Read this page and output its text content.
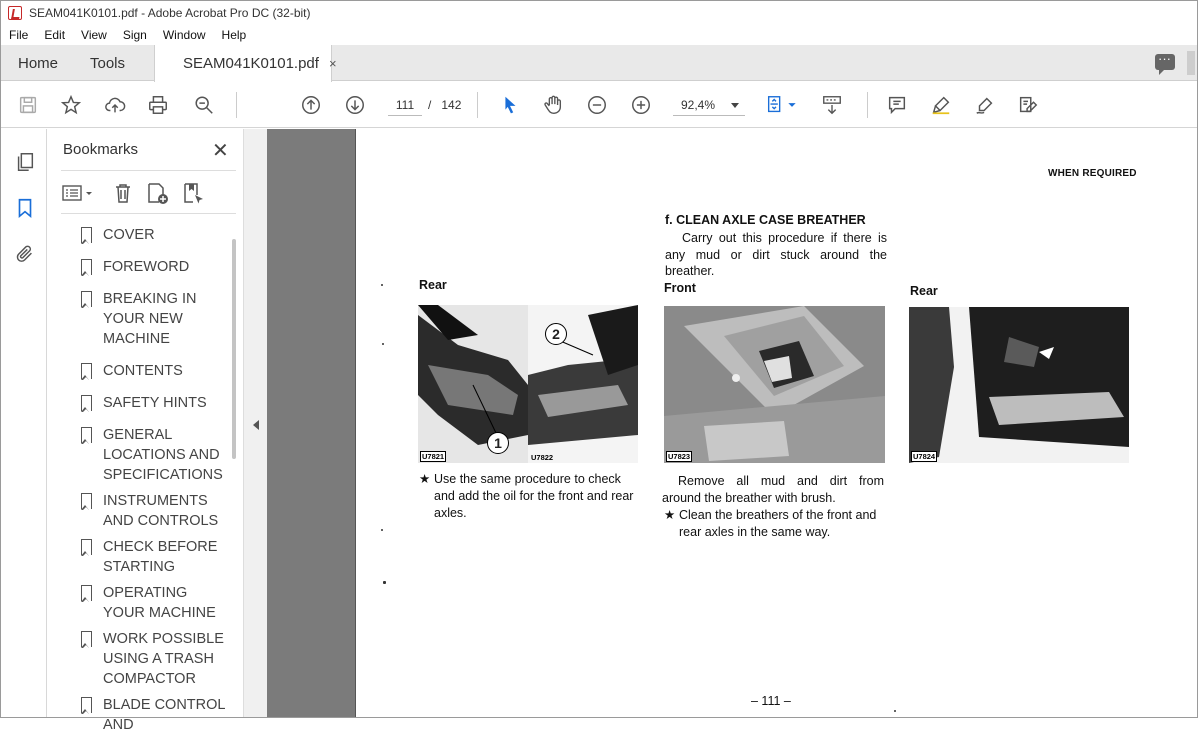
SEAM041K0101.pdf - Adobe Acrobat Pro DC (32-bit)
File	Edit	View	Sign	Window	Help
Home Tools	SEAM041K0101.pdf ×
···
111	/ 142	92,4%
Bookmarks	✕
COVER
FOREWORD
BREAKING IN YOUR NEW MACHINE
CONTENTS
SAFETY HINTS
GENERAL LOCATIONS AND SPECIFICATIONS
INSTRUMENTS AND CONTROLS
CHECK BEFORE STARTING
OPERATING YOUR MACHINE
WORK POSSIBLE USING A TRASH COMPACTOR
BLADE CONTROL AND
WHEN REQUIRED
f. CLEAN AXLE CASE BREATHER
Carry out this procedure if there is any mud or dirt stuck around the breather.
Rear	Front	Rear
U7821	U7822
2
1
U7823	U7824
★ Use the same procedure to check and add the oil for the front and rear axles.
Remove all mud and dirt from around the breather with brush.
★ Clean the breathers of the front and rear axles in the same way.
– 111 –
